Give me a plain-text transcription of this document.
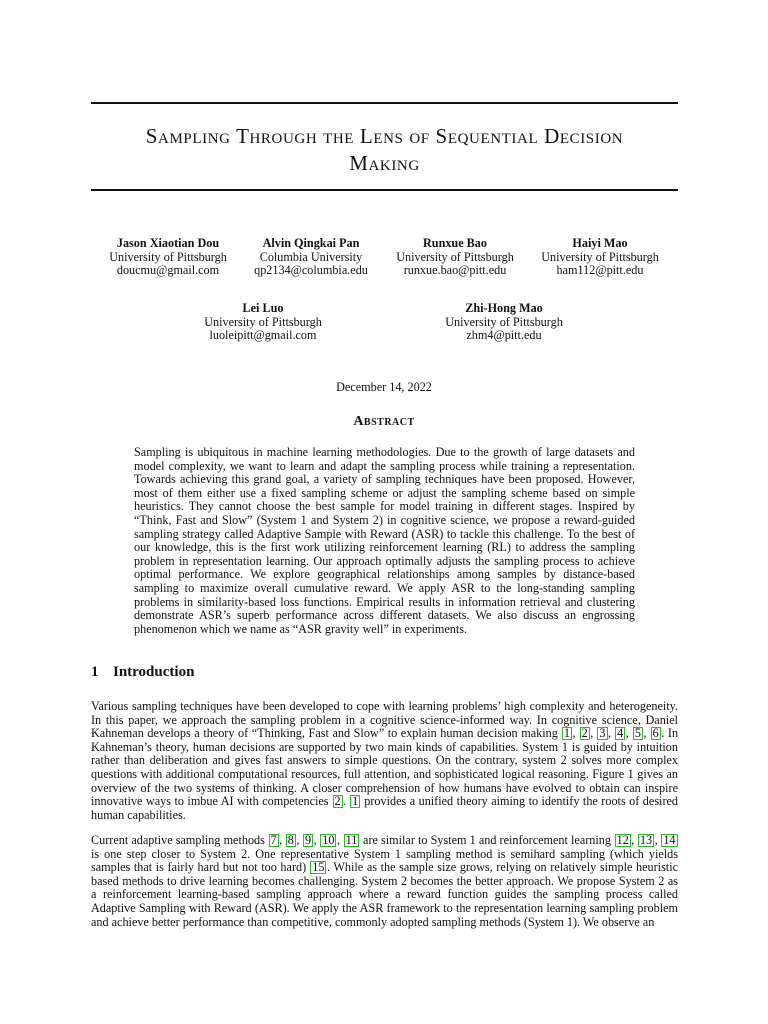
Sampling Through the Lens of Sequential Decision
Making
Jason Xiaotian Dou
University of Pittsburgh
doucmu@gmail.com
Alvin Qingkai Pan
Columbia University
qp2134@columbia.edu
Runxue Bao
University of Pittsburgh
runxue.bao@pitt.edu
Haiyi Mao
University of Pittsburgh
ham112@pitt.edu
Lei Luo
University of Pittsburgh
luoleipitt@gmail.com
Zhi-Hong Mao
University of Pittsburgh
zhm4@pitt.edu
December 14, 2022
Abstract
Sampling is ubiquitous in machine learning methodologies. Due to the growth of large datasets and model complexity, we want to learn and adapt the sampling process while training a representation. Towards achieving this grand goal, a variety of sampling techniques have been proposed. However, most of them either use a fixed sampling scheme or adjust the sampling scheme based on simple heuristics. They cannot choose the best sample for model training in different stages. Inspired by “Think, Fast and Slow” (System 1 and System 2) in cognitive science, we propose a reward-guided sampling strategy called Adaptive Sample with Reward (ASR) to tackle this challenge. To the best of our knowledge, this is the first work utilizing reinforcement learning (RL) to address the sampling problem in representation learning. Our approach optimally adjusts the sampling process to achieve optimal performance. We explore geographical relationships among samples by distance-based sampling to maximize overall cumulative reward. We apply ASR to the long-standing sampling problems in similarity-based loss functions. Empirical results in information retrieval and clustering demonstrate ASR’s superb performance across different datasets. We also discuss an engrossing phenomenon which we name as “ASR gravity well” in experiments.
1 Introduction
Various sampling techniques have been developed to cope with learning problems’ high complexity and heterogeneity. In this paper, we approach the sampling problem in a cognitive science-informed way. In cognitive science, Daniel Kahneman develops a theory of “Thinking, Fast and Slow” to explain human decision making 1 , 2 , 3 , 4 , 5 , 6 . In Kahneman’s theory, human decisions are supported by two main kinds of capabilities. System 1 is guided by intuition rather than deliberation and gives fast answers to simple questions. On the contrary, system 2 solves more complex questions with additional computational resources, full attention, and sophisticated logical reasoning. Figure 1 gives an overview of the two systems of thinking. A closer comprehension of how humans have evolved to obtain can inspire innovative ways to imbue AI with competencies 2 . 1 provides a unified theory aiming to identify the roots of desired human capabilities.
Current adaptive sampling methods 7 , 8 , 9 , 10 , 11 are similar to System 1 and reinforcement learning 12 , 13 , 14 is one step closer to System 2. One representative System 1 sampling method is semihard sampling (which yields samples that is fairly hard but not too hard) 15 . While as the sample size grows, relying on relatively simple heuristic based methods to drive learning becomes challenging. System 2 becomes the better approach. We propose System 2 as a reinforcement learning-based sampling approach where a reward function guides the sampling process called Adaptive Sampling with Reward (ASR). We apply the ASR framework to the representation learning sampling problem and achieve better performance than competitive, commonly adopted sampling methods (System 1). We observe an
